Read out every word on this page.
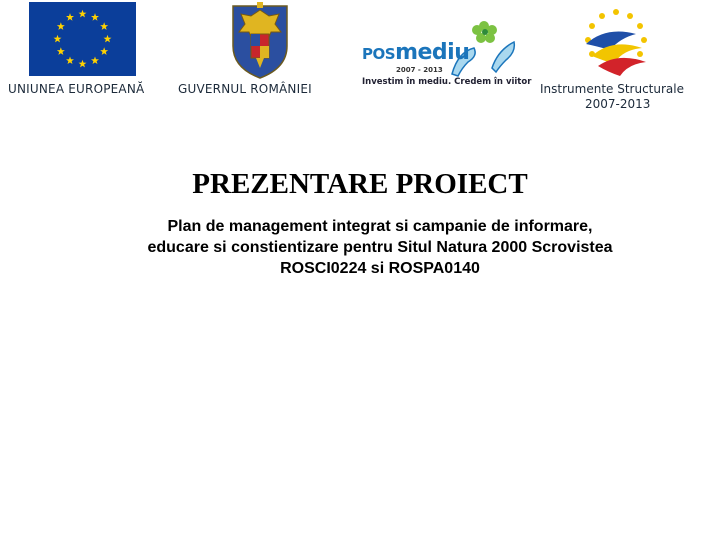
UNIUNEA EUROPEANĂ	GUVERNUL ROMÂNIEI
POSmediu
2007 - 2013
Investim în mediu. Credem în viitor Instrumente Structurale
2007-2013
PREZENTARE PROIECT
Plan de management integrat si campanie de informare,
educare si constientizare pentru Situl Natura 2000 Scrovistea
ROSCI0224 si ROSPA0140
